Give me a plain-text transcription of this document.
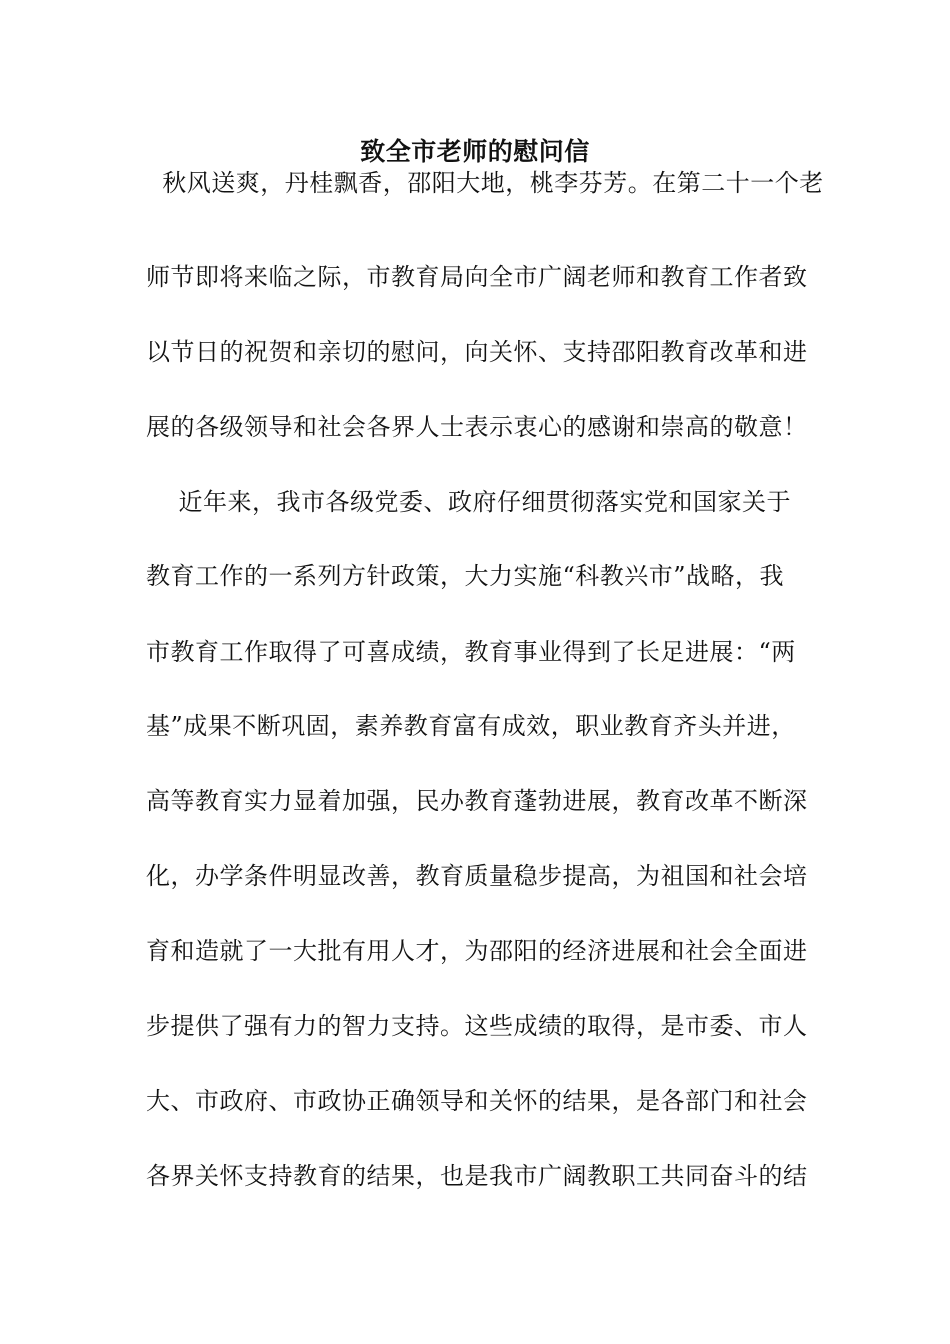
致全市老师的慰问信
秋风送爽，丹桂飘香，邵阳大地，桃李芬芳。在第二十一个老
师节即将来临之际，市教育局向全市广阔老师和教育工作者致
以节日的祝贺和亲切的慰问，向关怀、支持邵阳教育改革和进
展的各级领导和社会各界人士表示衷心的感谢和崇高的敬意！
近年来，我市各级党委、政府仔细贯彻落实党和国家关于
教育工作的一系列方针政策，大力实施“科教兴市”战略，我
市教育工作取得了可喜成绩，教育事业得到了长足进展：“两
基”成果不断巩固，素养教育富有成效，职业教育齐头并进，
高等教育实力显着加强，民办教育蓬勃进展，教育改革不断深
化，办学条件明显改善，教育质量稳步提高，为祖国和社会培
育和造就了一大批有用人才，为邵阳的经济进展和社会全面进
步提供了强有力的智力支持。这些成绩的取得，是市委、市人
大、市政府、市政协正确领导和关怀的结果，是各部门和社会
各界关怀支持教育的结果，也是我市广阔教职工共同奋斗的结
